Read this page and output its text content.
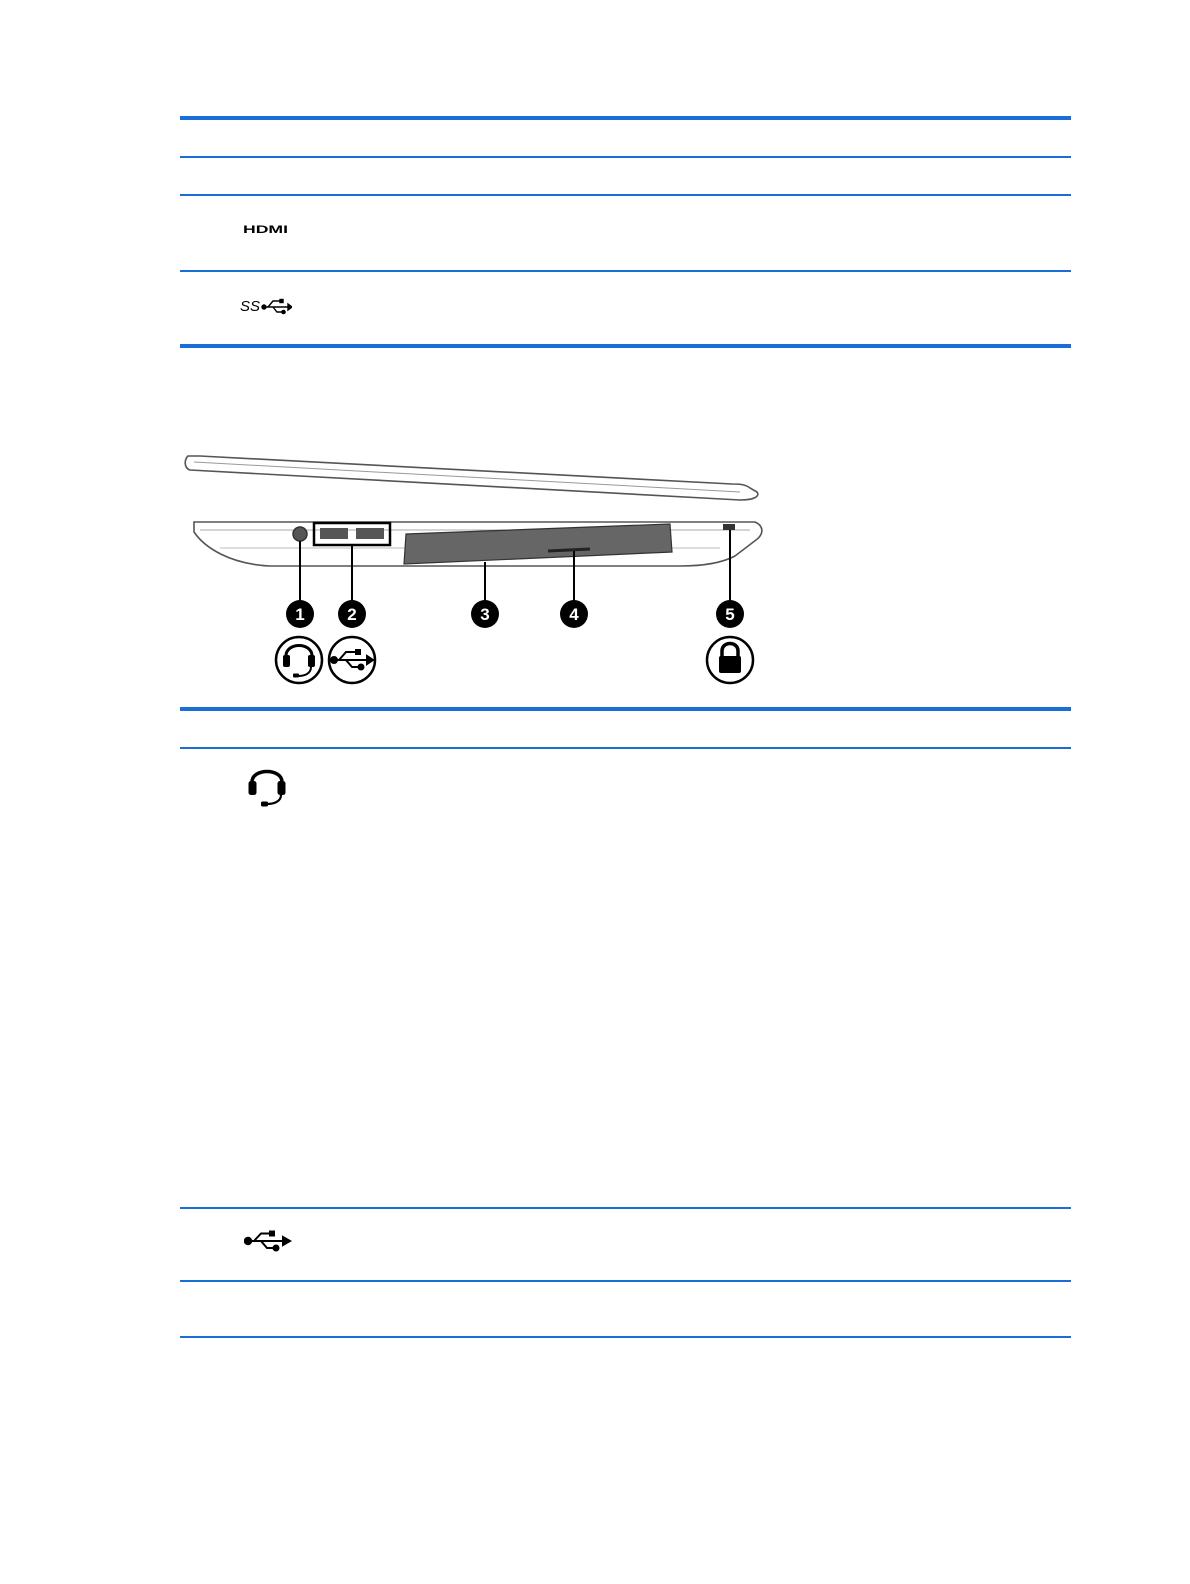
HDMI
SS
1	2	3	4	5
